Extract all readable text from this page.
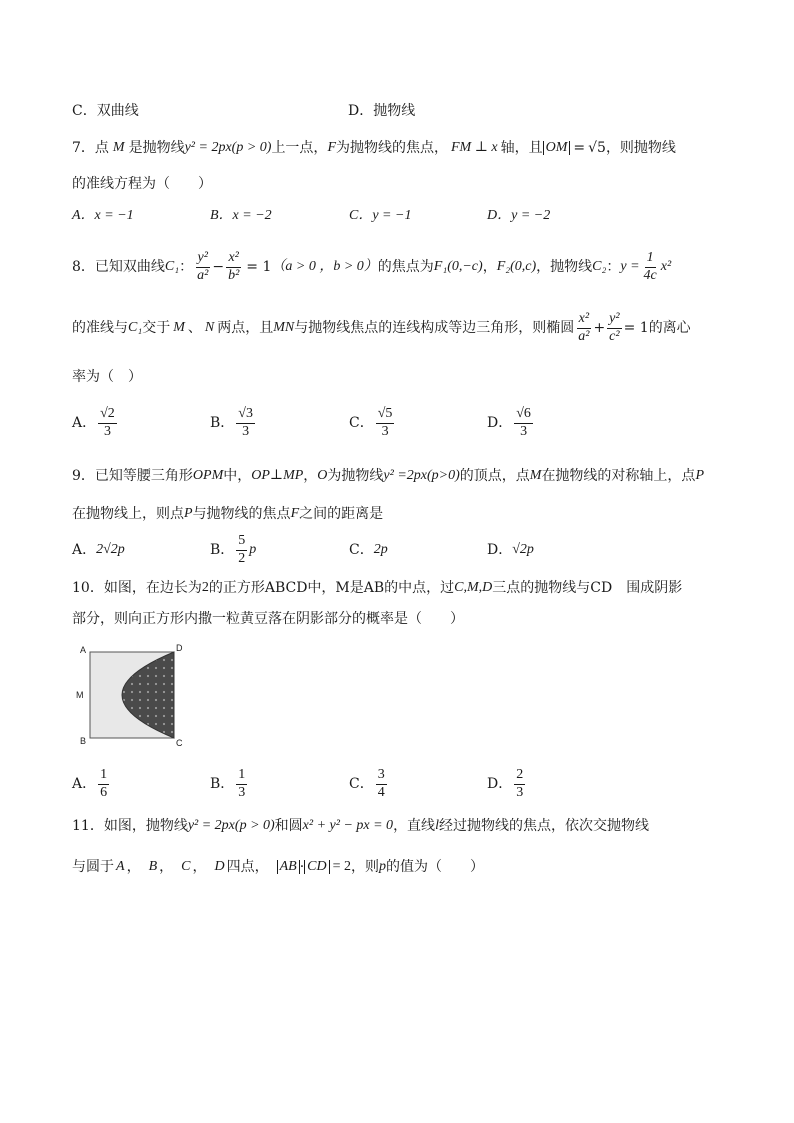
C．双曲线	D．抛物线
7．点 M 是抛物线 y² = 2px(p > 0) 上一点， F 为抛物线的焦点， FM ⊥ x 轴，且 OM = √5 ，则抛物线
的准线方程为（　　）
A．x = −1	B．x = −2	C．y = −1	D．y = −2
8．已知双曲线 C₁ ： $\frac{\text{y²}}{\text{a²}} - \frac{\text{x²}}{\text{b²}} = 1$ （a > 0 ，b > 0） 的焦点为 F₁(0,−c) ， F₂(0,c) ，抛物线 C₂ ： $y = \frac{1}{4c} x^2$
的准线与 C₁ 交于 M 、 N 两点，且 MN 与抛物线焦点的连线构成等边三角形，则椭圆 $\frac{\text{x²}}{\text{a²}} + \frac{\text{y²}}{\text{c²}} = 1$ 的离心
率为（　）
A． $\frac{√2}{3}$	B． $\frac{√3}{3}$	C． $\frac{√5}{3}$	D． $\frac{√6}{3}$
9．已知等腰三角形 OPM 中， OP⊥MP ， O 为抛物线 y² =2px(p>0) 的顶点，点 M 在抛物线的对称轴上，点 P
在抛物线上，则点 P 与抛物线的焦点 F 之间的距离是
A． 2√2p	B． $\frac{5}{2}$ p	C． 2p	D． √2p
10．如图，在边长为 2 的正方形ABCD中，M是AB的中点，过 C,M,D 三点的抛物线与CD　围成阴影
部分，则向正方形内撒一粒黄豆落在阴影部分的概率是（　　）
A	D
M
B	C
A． $\frac{1}{6}$	B． $\frac{1}{3}$	C． $\frac{3}{4}$	D． $\frac{2}{3}$
11．如图，抛物线 y² = 2px(p > 0) 和圆 x² + y² − px = 0 ，直线 l 经过抛物线的焦点，依次交抛物线
与圆于 A ， B ， C ， D 四点， AB · CD = 2 ，则 p 的值为（　　）
